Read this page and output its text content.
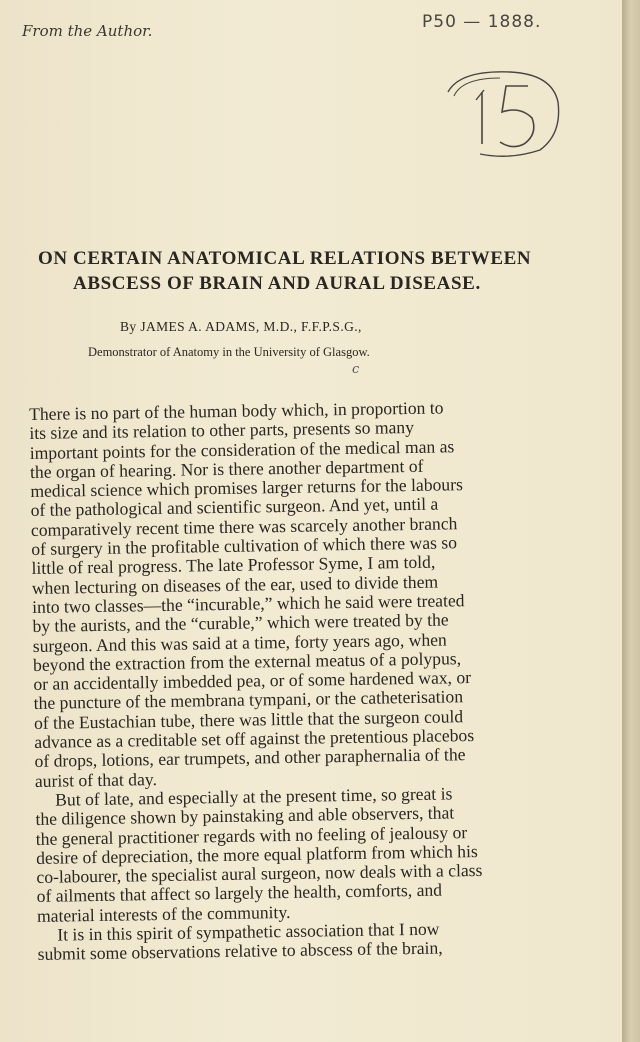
From the Author.	P50 — 1888.
ON CERTAIN ANATOMICAL RELATIONS BETWEEN
ABSCESS OF BRAIN AND AURAL DISEASE.
By JAMES A. ADAMS, M.D., F.F.P.S.G.,
Demonstrator of Anatomy in the University of Glasgow.
c
There is no part of the human body which, in proportion to
its size and its relation to other parts, presents so many
important points for the consideration of the medical man as
the organ of hearing. Nor is there another department of
medical science which promises larger returns for the labours
of the pathological and scientific surgeon. And yet, until a
comparatively recent time there was scarcely another branch
of surgery in the profitable cultivation of which there was so
little of real progress. The late Professor Syme, I am told,
when lecturing on diseases of the ear, used to divide them
into two classes—the “incurable,” which he said were treated
by the aurists, and the “curable,” which were treated by the
surgeon. And this was said at a time, forty years ago, when
beyond the extraction from the external meatus of a polypus,
or an accidentally imbedded pea, or of some hardened wax, or
the puncture of the membrana tympani, or the catheterisation
of the Eustachian tube, there was little that the surgeon could
advance as a creditable set off against the pretentious placebos
of drops, lotions, ear trumpets, and other paraphernalia of the
aurist of that day.
But of late, and especially at the present time, so great is
the diligence shown by painstaking and able observers, that
the general practitioner regards with no feeling of jealousy or
desire of depreciation, the more equal platform from which his
co-labourer, the specialist aural surgeon, now deals with a class
of ailments that affect so largely the health, comforts, and
material interests of the community.
It is in this spirit of sympathetic association that I now
submit some observations relative to abscess of the brain,
